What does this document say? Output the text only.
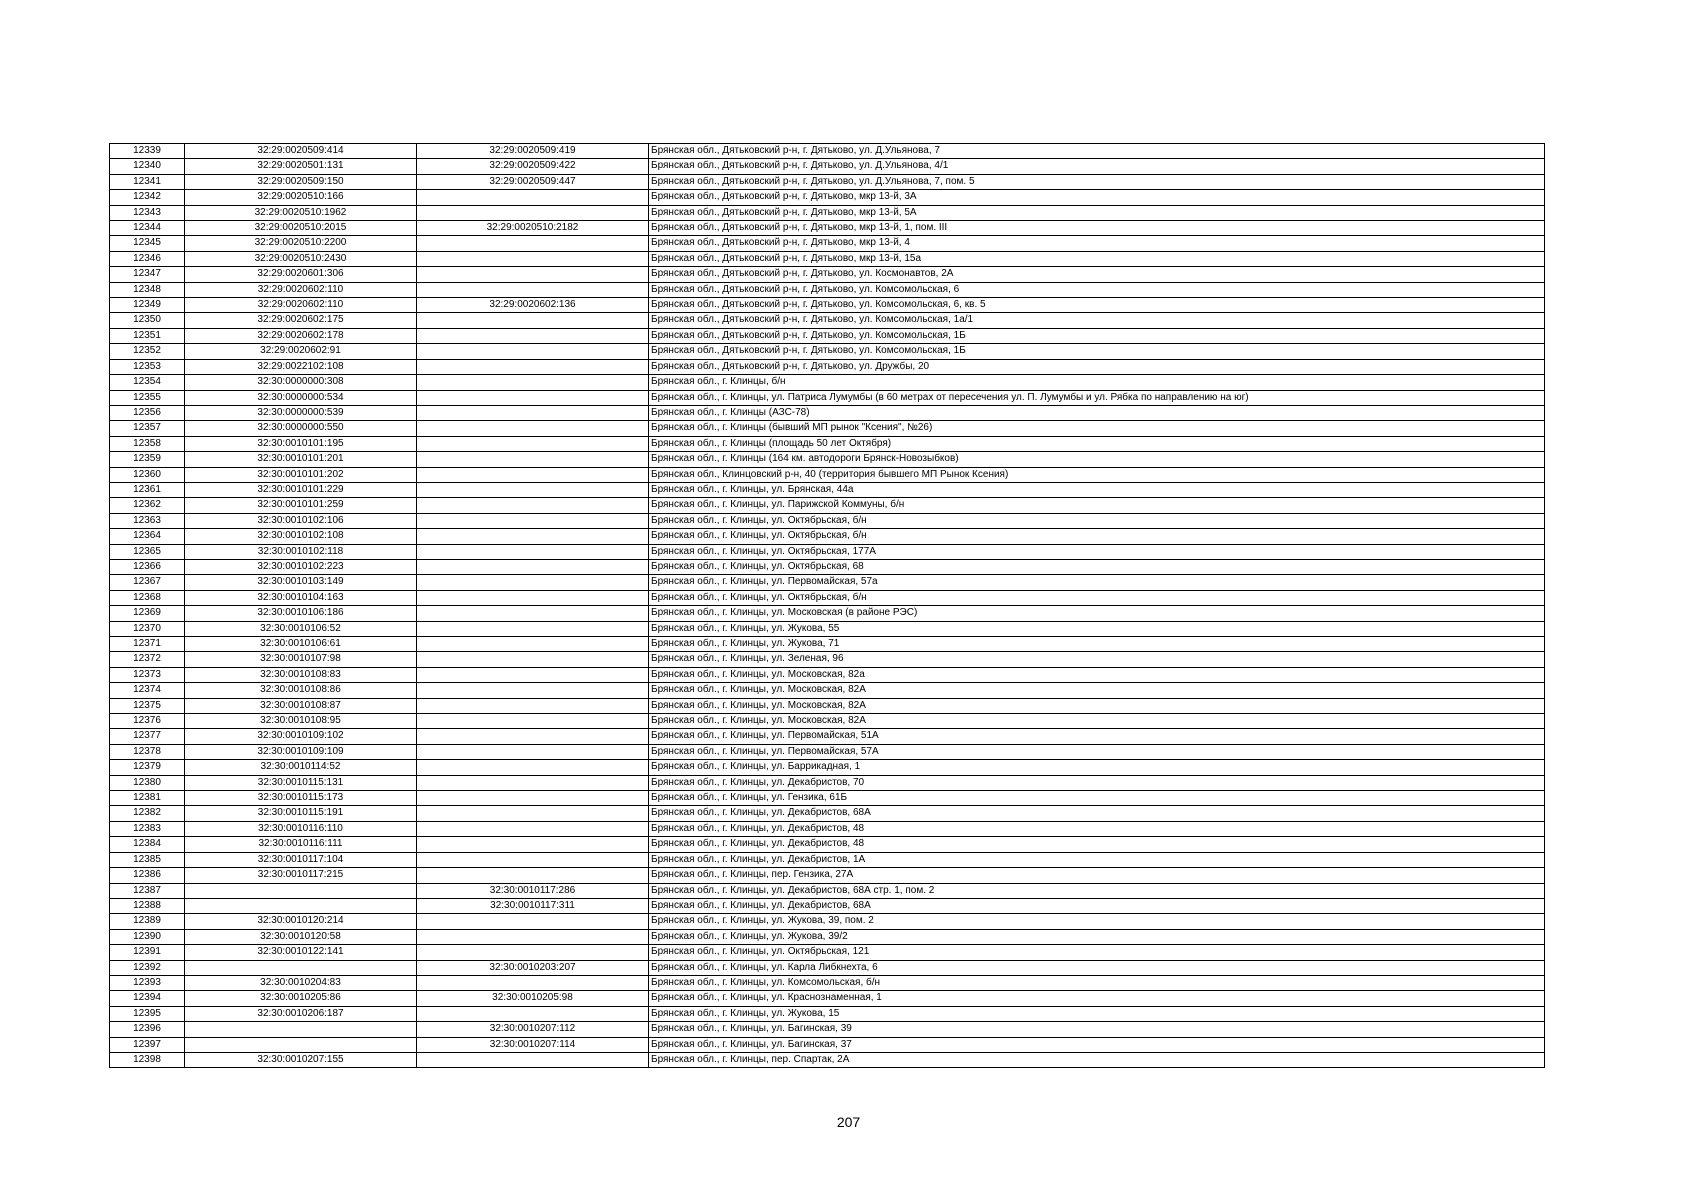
12339	32:29:0020509:414	32:29:0020509:419	Брянская обл., Дятьковский р-н, г. Дятьково, ул. Д.Ульянова, 7
12340	32:29:0020501:131	32:29:0020509:422	Брянская обл., Дятьковский р-н, г. Дятьково, ул. Д.Ульянова, 4/1
12341	32:29:0020509:150	32:29:0020509:447	Брянская обл., Дятьковский р-н, г. Дятьково, ул. Д.Ульянова, 7, пом. 5
12342	32:29:0020510:166		Брянская обл., Дятьковский р-н, г. Дятьково, мкр 13-й, 3А
12343	32:29:0020510:1962		Брянская обл., Дятьковский р-н, г. Дятьково, мкр 13-й, 5А
12344	32:29:0020510:2015	32:29:0020510:2182	Брянская обл., Дятьковский р-н, г. Дятьково, мкр 13-й, 1, пом. III
12345	32:29:0020510:2200		Брянская обл., Дятьковский р-н, г. Дятьково, мкр 13-й, 4
12346	32:29:0020510:2430		Брянская обл., Дятьковский р-н, г. Дятьково, мкр 13-й, 15а
12347	32:29:0020601:306		Брянская обл., Дятьковский р-н, г. Дятьково, ул. Космонавтов, 2А
12348	32:29:0020602:110		Брянская обл., Дятьковский р-н, г. Дятьково, ул. Комсомольская, 6
12349	32:29:0020602:110	32:29:0020602:136	Брянская обл., Дятьковский р-н, г. Дятьково, ул. Комсомольская, 6, кв. 5
12350	32:29:0020602:175		Брянская обл., Дятьковский р-н, г. Дятьково, ул. Комсомольская, 1а/1
12351	32:29:0020602:178		Брянская обл., Дятьковский р-н, г. Дятьково, ул. Комсомольская, 1Б
12352	32:29:0020602:91		Брянская обл., Дятьковский р-н, г. Дятьково, ул. Комсомольская, 1Б
12353	32:29:0022102:108		Брянская обл., Дятьковский р-н, г. Дятьково, ул. Дружбы, 20
12354	32:30:0000000:308		Брянская обл., г. Клинцы, б/н
12355	32:30:0000000:534		Брянская обл., г. Клинцы, ул. Патриса Лумумбы (в 60 метрах от пересечения ул. П. Лумумбы и ул. Рябка по направлению на юг)
12356	32:30:0000000:539		Брянская обл., г. Клинцы (АЗС-78)
12357	32:30:0000000:550		Брянская обл., г. Клинцы (бывший МП рынок "Ксения", №26)
12358	32:30:0010101:195		Брянская обл., г. Клинцы (площадь 50 лет Октября)
12359	32:30:0010101:201		Брянская обл., г. Клинцы (164 км. автодороги Брянск-Новозыбков)
12360	32:30:0010101:202		Брянская обл., Клинцовский р-н, 40 (территория бывшего МП Рынок Ксения)
12361	32:30:0010101:229		Брянская обл., г. Клинцы, ул. Брянская, 44а
12362	32:30:0010101:259		Брянская обл., г. Клинцы, ул. Парижской Коммуны, б/н
12363	32:30:0010102:106		Брянская обл., г. Клинцы, ул. Октябрьская, б/н
12364	32:30:0010102:108		Брянская обл., г. Клинцы, ул. Октябрьская, б/н
12365	32:30:0010102:118		Брянская обл., г. Клинцы, ул. Октябрьская, 177А
12366	32:30:0010102:223		Брянская обл., г. Клинцы, ул. Октябрьская, 68
12367	32:30:0010103:149		Брянская обл., г. Клинцы, ул. Первомайская, 57а
12368	32:30:0010104:163		Брянская обл., г. Клинцы, ул. Октябрьская, б/н
12369	32:30:0010106:186		Брянская обл., г. Клинцы, ул. Московская (в районе РЭС)
12370	32:30:0010106:52		Брянская обл., г. Клинцы, ул. Жукова, 55
12371	32:30:0010106:61		Брянская обл., г. Клинцы, ул. Жукова, 71
12372	32:30:0010107:98		Брянская обл., г. Клинцы, ул. Зеленая, 96
12373	32:30:0010108:83		Брянская обл., г. Клинцы, ул. Московская, 82а
12374	32:30:0010108:86		Брянская обл., г. Клинцы, ул. Московская, 82А
12375	32:30:0010108:87		Брянская обл., г. Клинцы, ул. Московская, 82А
12376	32:30:0010108:95		Брянская обл., г. Клинцы, ул. Московская, 82А
12377	32:30:0010109:102		Брянская обл., г. Клинцы, ул. Первомайская, 51А
12378	32:30:0010109:109		Брянская обл., г. Клинцы, ул. Первомайская, 57А
12379	32:30:0010114:52		Брянская обл., г. Клинцы, ул. Баррикадная, 1
12380	32:30:0010115:131		Брянская обл., г. Клинцы, ул. Декабристов, 70
12381	32:30:0010115:173		Брянская обл., г. Клинцы, ул. Гензика, 61Б
12382	32:30:0010115:191		Брянская обл., г. Клинцы, ул. Декабристов, 68А
12383	32:30:0010116:110		Брянская обл., г. Клинцы, ул. Декабристов, 48
12384	32:30:0010116:111		Брянская обл., г. Клинцы, ул. Декабристов, 48
12385	32:30:0010117:104		Брянская обл., г. Клинцы, ул. Декабристов, 1А
12386	32:30:0010117:215		Брянская обл., г. Клинцы, пер. Гензика, 27А
12387		32:30:0010117:286	Брянская обл., г. Клинцы, ул. Декабристов, 68А стр. 1, пом. 2
12388		32:30:0010117:311	Брянская обл., г. Клинцы, ул. Декабристов, 68А
12389	32:30:0010120:214		Брянская обл., г. Клинцы, ул. Жукова, 39, пом. 2
12390	32:30:0010120:58		Брянская обл., г. Клинцы, ул. Жукова, 39/2
12391	32:30:0010122:141		Брянская обл., г. Клинцы, ул. Октябрьская, 121
12392		32:30:0010203:207	Брянская обл., г. Клинцы, ул. Карла Либкнехта, 6
12393	32:30:0010204:83		Брянская обл., г. Клинцы, ул. Комсомольская, б/н
12394	32:30:0010205:86	32:30:0010205:98	Брянская обл., г. Клинцы, ул. Краснознаменная, 1
12395	32:30:0010206:187		Брянская обл., г. Клинцы, ул. Жукова, 15
12396		32:30:0010207:112	Брянская обл., г. Клинцы, ул. Багинская, 39
12397		32:30:0010207:114	Брянская обл., г. Клинцы, ул. Багинская, 37
12398	32:30:0010207:155		Брянская обл., г. Клинцы, пер. Спартак, 2А
207
